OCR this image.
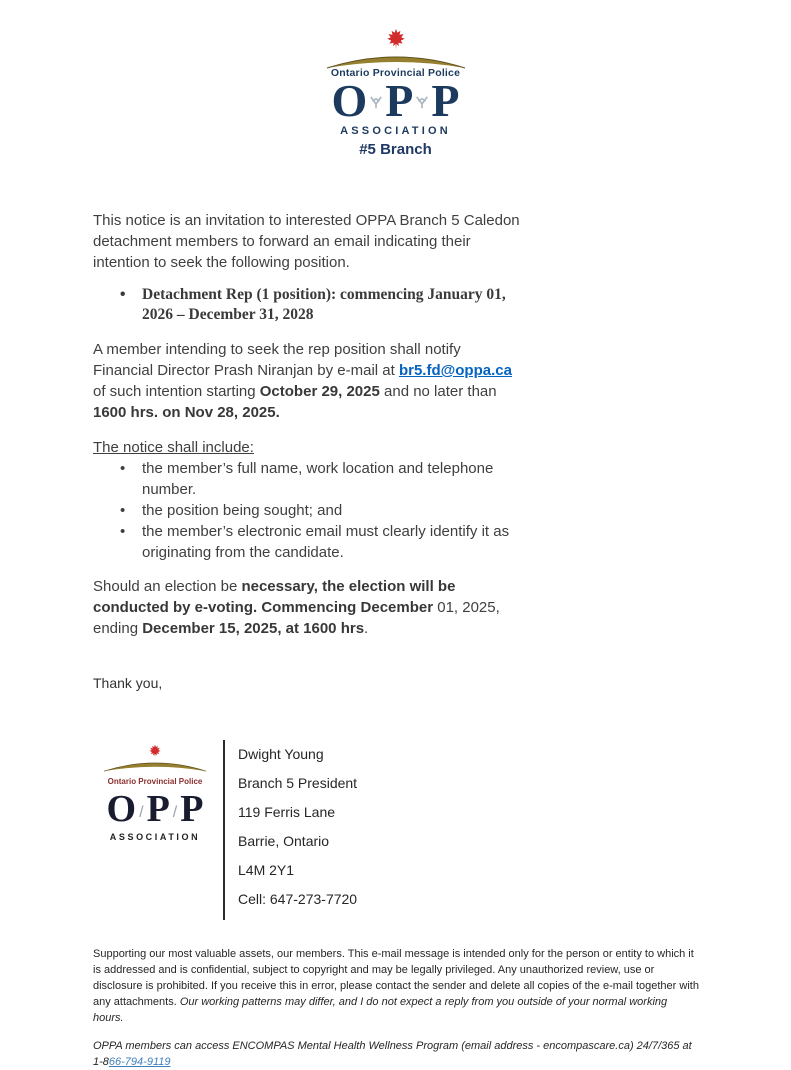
Ontario Provincial Police
O P P
ASSOCIATION
#5 Branch

This notice is an invitation to interested OPPA Branch 5 Caledon detachment members to forward an email indicating their intention to seek the following position.

• Detachment Rep (1 position): commencing January 01, 2026 – December 31, 2028

A member intending to seek the rep position shall notify Financial Director Prash Niranjan by e-mail at br5.fd@oppa.ca of such intention starting October 29, 2025 and no later than 1600 hrs. on Nov 28, 2025.

The notice shall include:

• the member’s full name, work location and telephone number.
• the position being sought; and
• the member’s electronic email must clearly identify it as originating from the candidate.

Should an election be necessary, the election will be conducted by e-voting. Commencing December 01, 2025, ending December 15, 2025, at 1600 hrs.

Thank you,

Ontario Provincial Police
O / P / P
ASSOCIATION
Dwight Young
Branch 5 President
119 Ferris Lane
Barrie, Ontario
L4M 2Y1
Cell: 647-273-7720

Supporting our most valuable assets, our members. This e-mail message is intended only for the person or entity to which it is addressed and is confidential, subject to copyright and may be legally privileged. Any unauthorized review, use or disclosure is prohibited. If you receive this in error, please contact the sender and delete all copies of the e-mail together with any attachments. Our working patterns may differ, and I do not expect a reply from you outside of your normal working hours.

OPPA members can access ENCOMPAS Mental Health Wellness Program (email address - encompascare.ca) 24/7/365 at 1-866-794-9119
